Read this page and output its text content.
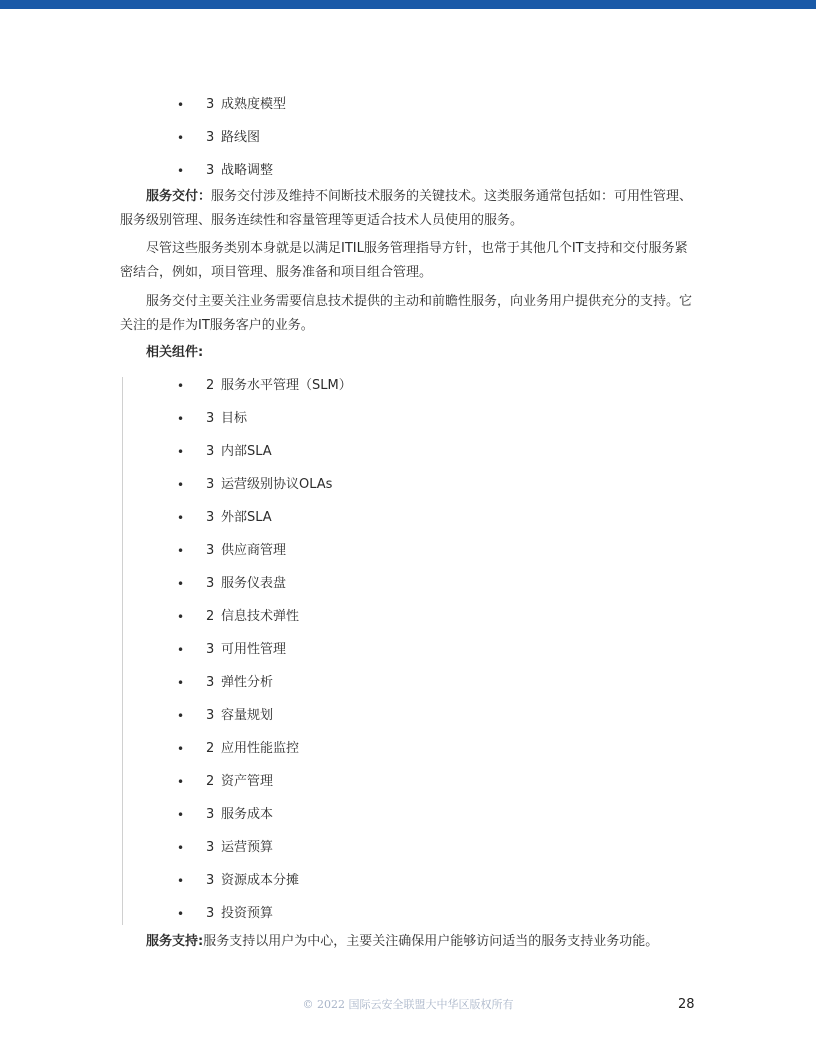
• 3 成熟度模型
• 3 路线图
• 3 战略调整

服务交付：服务交付涉及维持不间断技术服务的关键技术。这类服务通常包括如：可用性管理、服务级别管理、服务连续性和容量管理等更适合技术人员使用的服务。

尽管这些服务类别本身就是以满足ITIL服务管理指导方针，也常于其他几个IT支持和交付服务紧密结合，例如，项目管理、服务准备和项目组合管理。

服务交付主要关注业务需要信息技术提供的主动和前瞻性服务，向业务用户提供充分的支持。它关注的是作为IT服务客户的业务。

相关组件:

• 2 服务水平管理（SLM）
• 3 目标
• 3 内部SLA
• 3 运营级别协议OLAs
• 3 外部SLA
• 3 供应商管理
• 3 服务仪表盘
• 2 信息技术弹性
• 3 可用性管理
• 3 弹性分析
• 3 容量规划
• 2 应用性能监控
• 2 资产管理
• 3 服务成本
• 3 运营预算
• 3 资源成本分摊
• 3 投资预算

服务支持:服务支持以用户为中心，主要关注确保用户能够访问适当的服务支持业务功能。

© 2022 国际云安全联盟大中华区版权所有	28
